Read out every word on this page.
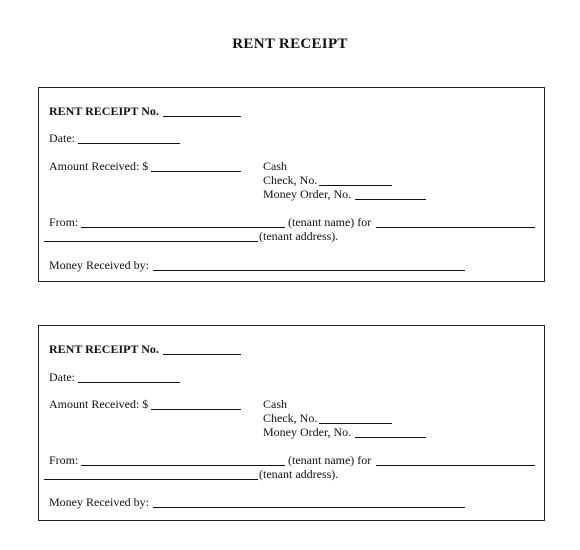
RENT RECEIPT
RENT RECEIPT No.
Date:
Amount Received: $	Cash
Check, No.
Money Order, No.
From:	(tenant name) for
(tenant address).
Money Received by:
RENT RECEIPT No.
Date:
Amount Received: $	Cash
Check, No.
Money Order, No.
From:	(tenant name) for
(tenant address).
Money Received by:
